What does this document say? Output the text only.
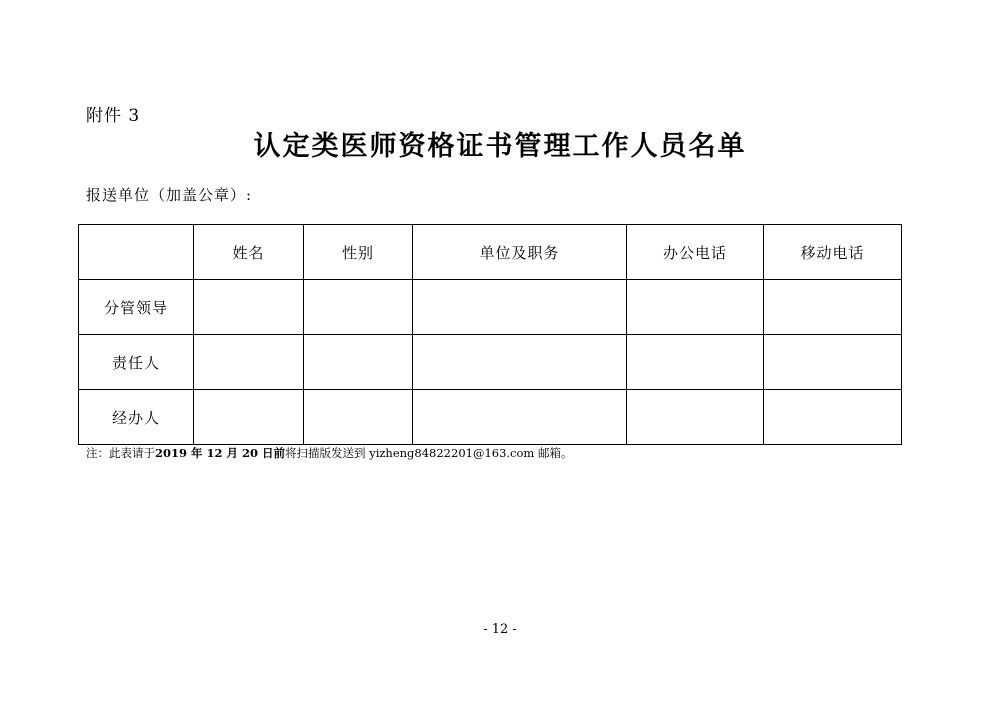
附件 3
认定类医师资格证书管理工作人员名单
报送单位（加盖公章）:
	姓名	性别	单位及职务	办公电话	移动电话
分管领导					
责任人					
经办人					
注：此表请于2019 年 12 月 20 日前将扫描版发送到 yizheng84822201@163.com 邮箱。
- 12 -
